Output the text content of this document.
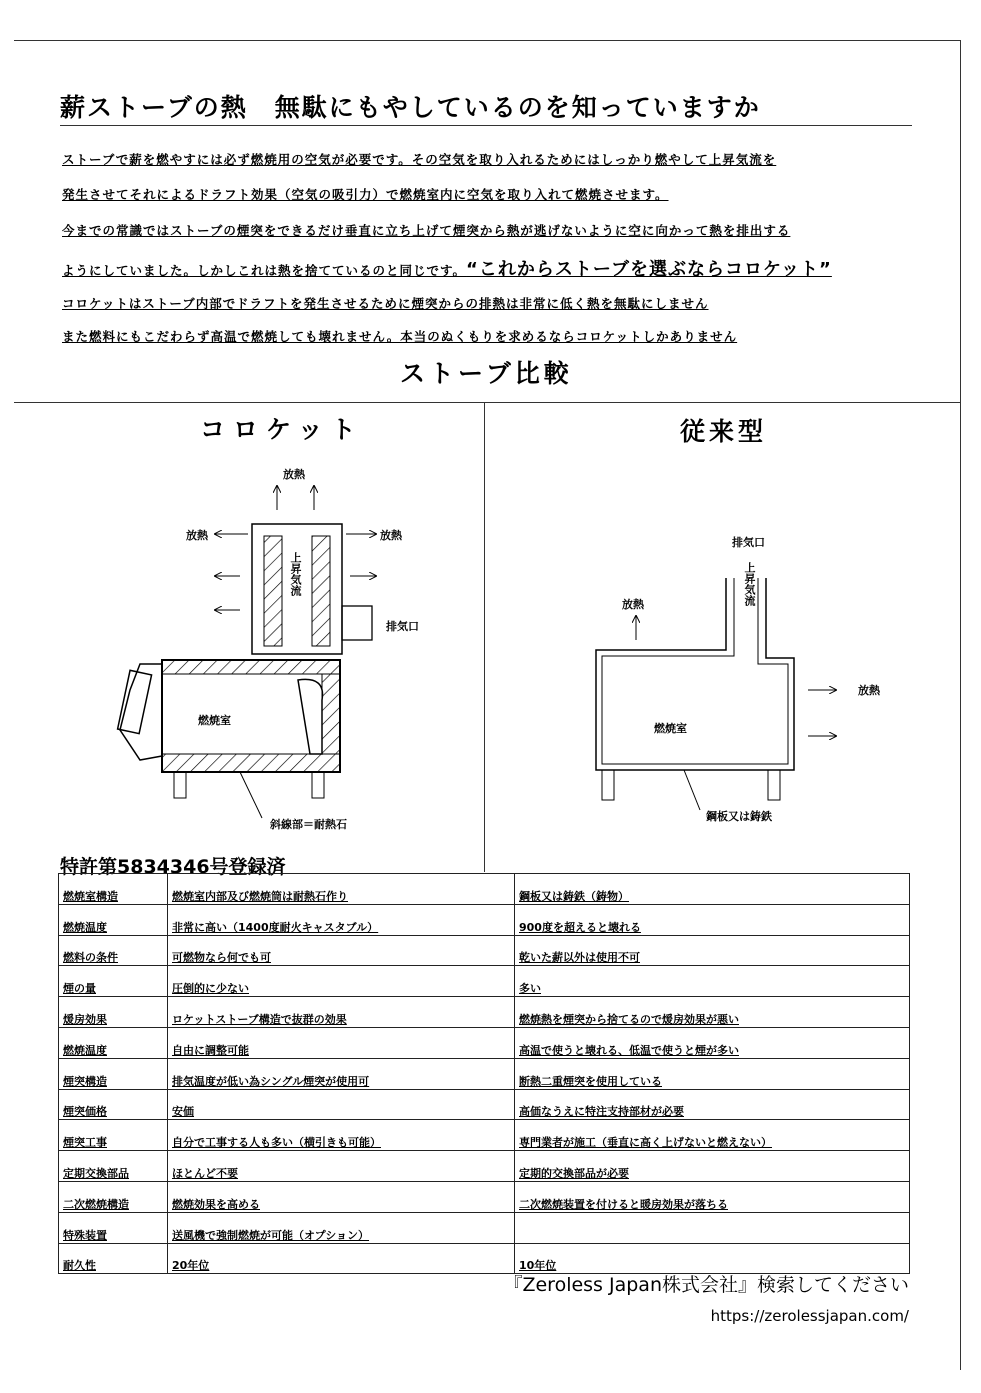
薪ストーブの熱　無駄にもやしているのを知っていますか
ストーブで薪を燃やすには必ず燃焼用の空気が必要です。その空気を取り入れるためにはしっかり燃やして上昇気流を
発生させてそれによるドラフト効果（空気の吸引力）で燃焼室内に空気を取り入れて燃焼させます。
今までの常識ではストーブの煙突をできるだけ垂直に立ち上げて煙突から熱が逃げないように空に向かって熱を排出する
ようにしていました。しかしこれは熱を捨てているのと同じです。“これからストーブを選ぶならコロケット”
コロケットはストーブ内部でドラフトを発生させるために煙突からの排熱は非常に低く熱を無駄にしません
また燃料にもこだわらず高温で燃焼しても壊れません。本当のぬくもりを求めるならコロケットしかありません
ストーブ比較
コロケット	従来型
放熱
放熱	放熱
上昇気流
排気口
燃焼室
斜線部＝耐熱石
排気口
上昇気流
放熱
放熱
燃焼室
鋼板又は鋳鉄
特許第5834346号登録済
燃焼室構造	燃焼室内部及び燃焼筒は耐熱石作り	鋼板又は鋳鉄（鋳物）
燃焼温度	非常に高い（1400度耐火キャスタブル）	900度を超えると壊れる
燃料の条件	可燃物なら何でも可	乾いた薪以外は使用不可
煙の量	圧倒的に少ない	多い
煖房効果	ロケットストーブ構造で抜群の効果	燃焼熱を煙突から捨てるので煖房効果が悪い
燃焼温度	自由に調整可能	高温で使うと壊れる、低温で使うと煙が多い
煙突構造	排気温度が低い為シングル煙突が使用可	断熱二重煙突を使用している
煙突価格	安価	高価なうえに特注支持部材が必要
煙突工事	自分で工事する人も多い（横引きも可能）	専門業者が施工（垂直に高く上げないと燃えない）
定期交換部品	ほとんど不要	定期的交換部品が必要
二次燃焼構造	燃焼効果を高める	二次燃焼装置を付けると暖房効果が落ちる
特殊装置	送風機で強制燃焼が可能（オプション）	
耐久性	20年位	10年位
『Zeroless Japan株式会社』検索してください
https://zerolessjapan.com/
